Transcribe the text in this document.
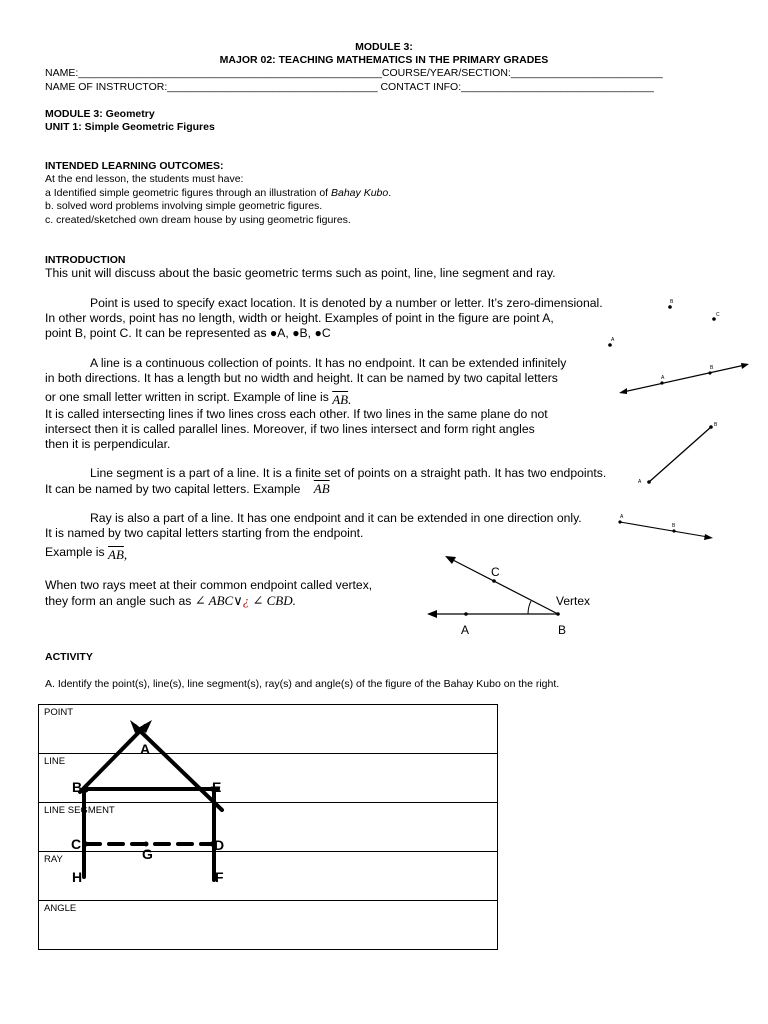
MODULE 3:
MAJOR 02: TEACHING MATHEMATICS IN THE PRIMARY GRADES
NAME:____________________________________________________COURSE/YEAR/SECTION:__________________________
NAME OF INSTRUCTOR:____________________________________ CONTACT INFO:_________________________________
MODULE 3: Geometry
UNIT 1: Simple Geometric Figures
INTENDED LEARNING OUTCOMES:
At the end lesson, the students must have:
a Identified simple geometric figures through an illustration of Bahay Kubo.
b. solved word problems involving simple geometric figures.
c. created/sketched own dream house by using geometric figures.
INTRODUCTION
This unit will discuss about the basic geometric terms such as point, line, line segment and ray.
Point is used to specify exact location. It is denoted by a number or letter. It’s zero-dimensional.
In other words, point has no length, width or height. Examples of point in the figure are point A,
point B, point C. It can be represented as ●A, ●B, ●C
A line is a continuous collection of points. It has no endpoint. It can be extended infinitely
in both directions. It has a length but no width and height. It can be named by two capital letters
or one small letter written in script. Example of line is $\overline{AB}$.
It is called intersecting lines if two lines cross each other. If two lines in the same plane do not
intersect then it is called parallel lines. Moreover, if two lines intersect and form right angles
then it is perpendicular.
Line segment is a part of a line. It is a finite set of points on a straight path. It has two endpoints.
It can be named by two capital letters. Example $\overline{AB}$
Ray is also a part of a line. It has one endpoint and it can be extended in one direction only.
It is named by two capital letters starting from the endpoint.
Example is $\overline{AB}$,
When two rays meet at their common endpoint called vertex,
they form an angle such as ∠ ABC∨¿ ∠ CBD.
B
C
A
A
B
A
B
A
B
C
Vertex
A	B
ACTIVITY
A. Identify the point(s), line(s), line segment(s), ray(s) and angle(s) of the figure of the Bahay Kubo on the right.
POINT
LINE
LINE SEGMENT
RAY
ANGLE
A
B	E
C
G
D
H	F
